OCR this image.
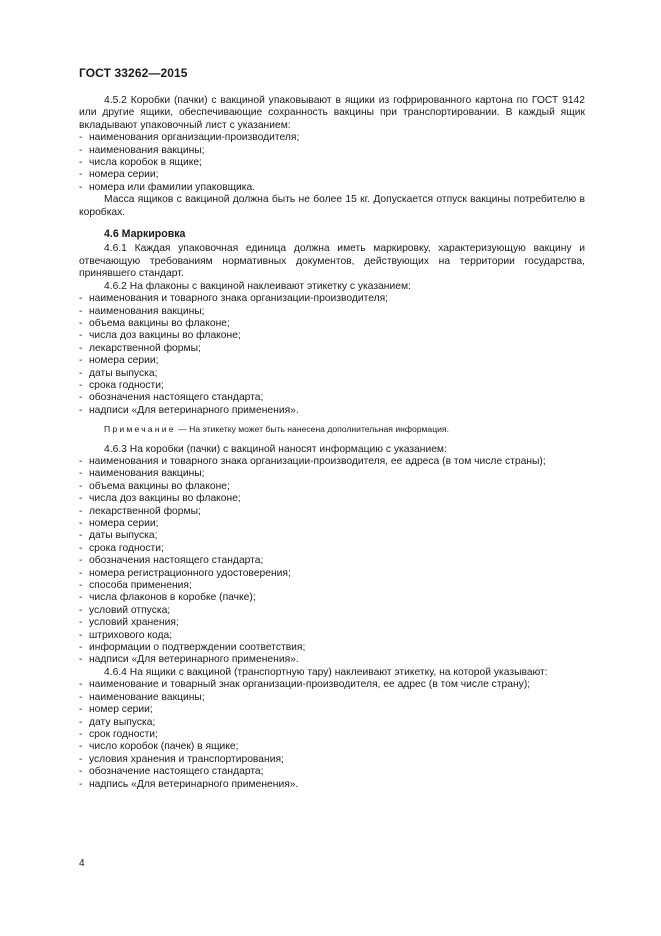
ГОСТ 33262—2015

4.5.2 Коробки (пачки) с вакциной упаковывают в ящики из гофрированного картона по ГОСТ 9142 или другие ящики, обеспечивающие сохранность вакцины при транспортировании. В каждый ящик вкладывают упаковочный лист с указанием:

- наименования организации-производителя;
- наименования вакцины;
- числа коробок в ящике;
- номера серии;
- номера или фамилии упаковщика.

Масса ящиков с вакциной должна быть не более 15 кг. Допускается отпуск вакцины потребителю в коробках.

4.6 Маркировка

4.6.1 Каждая упаковочная единица должна иметь маркировку, характеризующую вакцину и отвечающую требованиям нормативных документов, действующих на территории государства, принявшего стандарт.

4.6.2 На флаконы с вакциной наклеивают этикетку с указанием:

- наименования и товарного знака организации-производителя;
- наименования вакцины;
- объема вакцины во флаконе;
- числа доз вакцины во флаконе;
- лекарственной формы;
- номера серии;
- даты выпуска;
- срока годности;
- обозначения настоящего стандарта;
- надписи «Для ветеринарного применения».
Примечание — На этикетку может быть нанесена дополнительная информация.

4.6.3 На коробки (пачки) с вакциной наносят информацию с указанием:

- наименования и товарного знака организации-производителя, ее адреса (в том числе страны);
- наименования вакцины;
- объема вакцины во флаконе;
- числа доз вакцины во флаконе;
- лекарственной формы;
- номера серии;
- даты выпуска;
- срока годности;
- обозначения настоящего стандарта;
- номера регистрационного удостоверения;
- способа применения;
- числа флаконов в коробке (пачке);
- условий отпуска;
- условий хранения;
- штрихового кода;
- информации о подтверждении соответствия;
- надписи «Для ветеринарного применения».

4.6.4 На ящики с вакциной (транспортную тару) наклеивают этикетку, на которой указывают:

- наименование и товарный знак организации-производителя, ее адрес (в том числе страну);
- наименование вакцины;
- номер серии;
- дату выпуска;
- срок годности;
- число коробок (пачек) в ящике;
- условия хранения и транспортирования;
- обозначение настоящего стандарта;
- надпись «Для ветеринарного применения».
4
